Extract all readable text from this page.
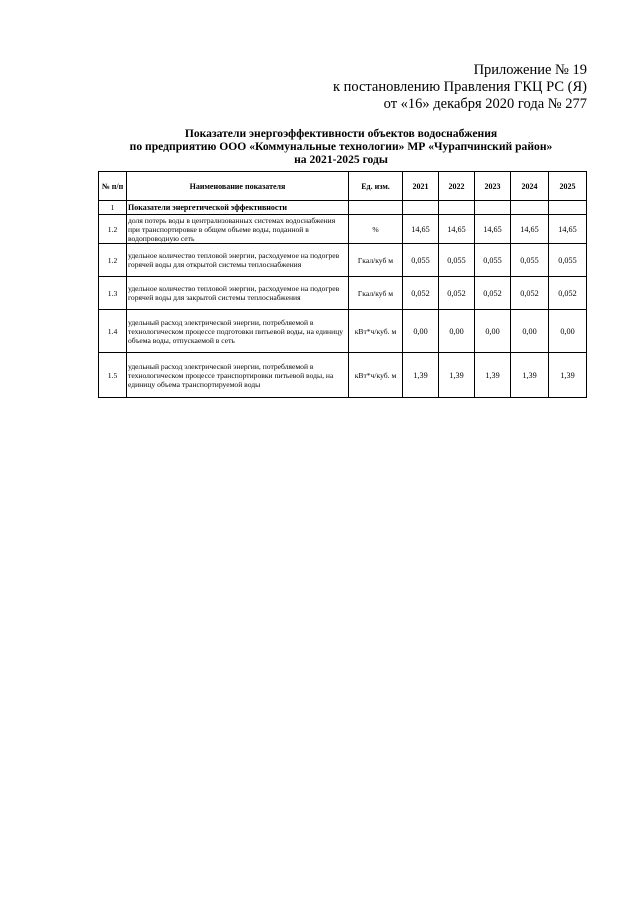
Приложение № 19
к постановлению Правления ГКЦ РС (Я)
от «16» декабря 2020 года № 277
Показатели энергоэффективности объектов водоснабжения
по предприятию ООО «Коммунальные технологии» МР «Чурапчинский район»
на 2021-2025 годы
№ п/п	Наименование показателя	Ед. изм.	2021	2022	2023	2024	2025
1	Показатели энергетической эффективности						
1.2	доля потерь воды в централизованных системах водоснабжения при транспортировке в общем объеме воды, поданной в водопроводную сеть	%	14,65	14,65	14,65	14,65	14,65
1.2	удельное количество тепловой энергии, расходуемое на подогрев горячей воды для открытой системы теплоснабжения	Гкал/куб м	0,055	0,055	0,055	0,055	0,055
1.3	удельное количество тепловой энергии, расходуемое на подогрев горячей воды для закрытой системы теплоснабжения	Гкал/куб м	0,052	0,052	0,052	0,052	0,052
1.4	удельный расход электрической энергии, потребляемой в технологическом процессе подготовки питьевой воды, на единицу объема воды, отпускаемой в сеть	кВт*ч/куб. м	0,00	0,00	0,00	0,00	0,00
1.5	удельный расход электрической энергии, потребляемой в технологическом процессе транспортировки питьевой воды, на единицу объема транспортируемой воды	кВт*ч/куб. м	1,39	1,39	1,39	1,39	1,39
